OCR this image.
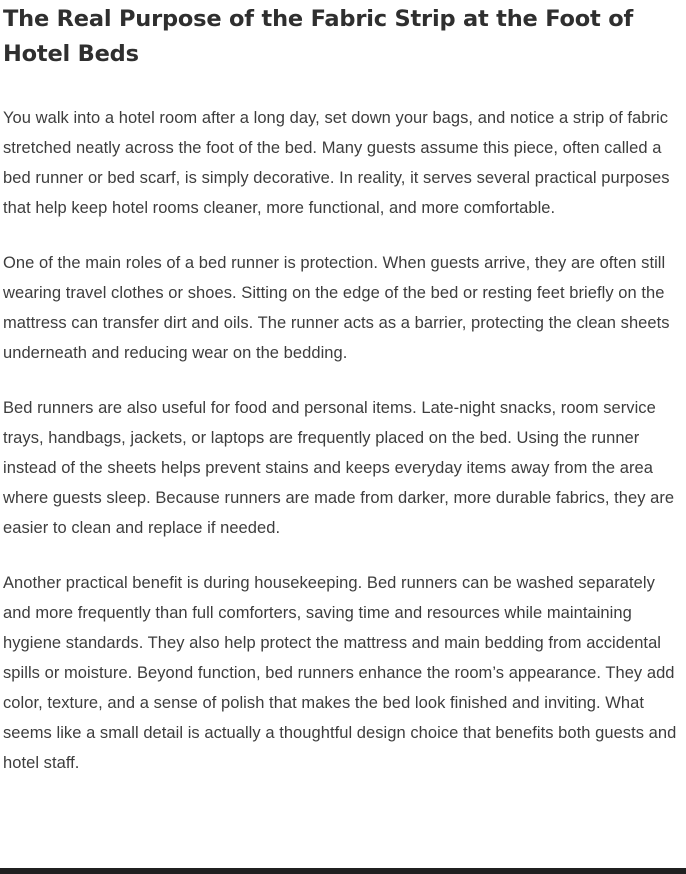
The Real Purpose of the Fabric Strip at the Foot of Hotel Beds

You walk into a hotel room after a long day, set down your bags, and notice a strip of fabric stretched neatly across the foot of the bed. Many guests assume this piece, often called a bed runner or bed scarf, is simply decorative. In reality, it serves several practical purposes that help keep hotel rooms cleaner, more functional, and more comfortable.

One of the main roles of a bed runner is protection. When guests arrive, they are often still wearing travel clothes or shoes. Sitting on the edge of the bed or resting feet briefly on the mattress can transfer dirt and oils. The runner acts as a barrier, protecting the clean sheets underneath and reducing wear on the bedding.

Bed runners are also useful for food and personal items. Late-night snacks, room service trays, handbags, jackets, or laptops are frequently placed on the bed. Using the runner instead of the sheets helps prevent stains and keeps everyday items away from the area where guests sleep. Because runners are made from darker, more durable fabrics, they are easier to clean and replace if needed.

Another practical benefit is during housekeeping. Bed runners can be washed separately and more frequently than full comforters, saving time and resources while maintaining hygiene standards. They also help protect the mattress and main bedding from accidental spills or moisture. Beyond function, bed runners enhance the room’s appearance. They add color, texture, and a sense of polish that makes the bed look finished and inviting. What seems like a small detail is actually a thoughtful design choice that benefits both guests and hotel staff.
